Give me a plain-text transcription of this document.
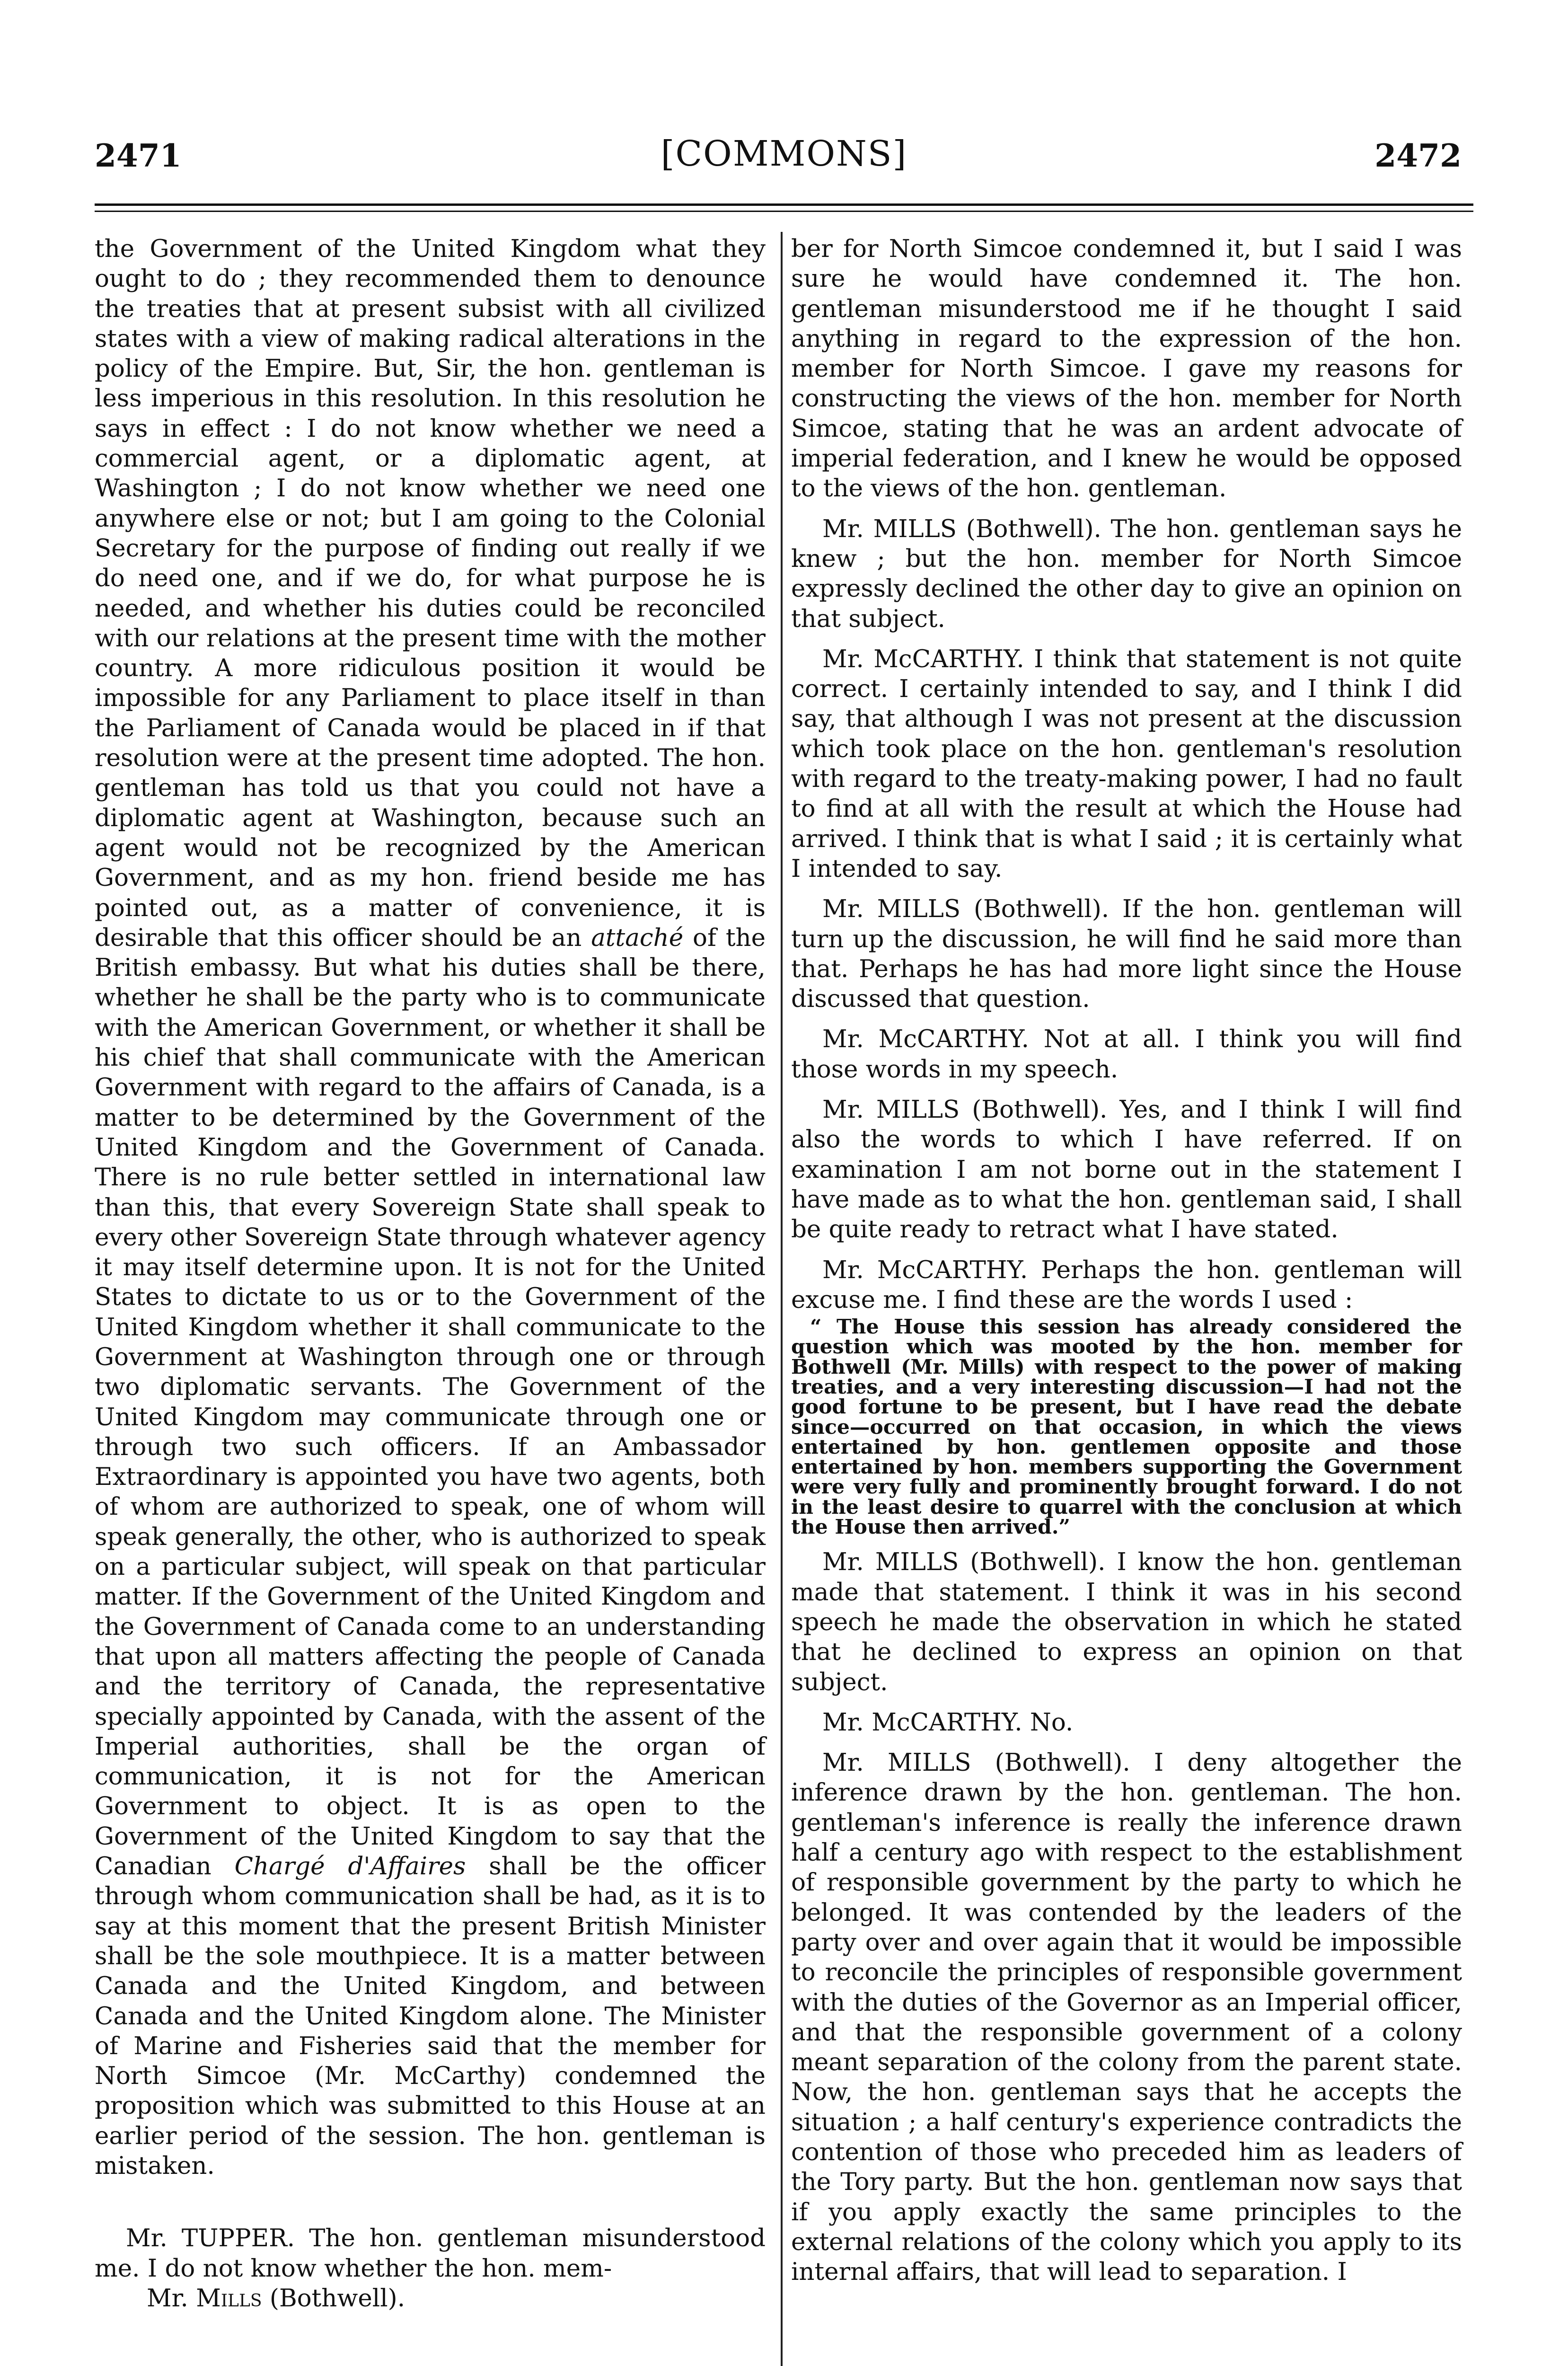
2471	[COMMONS]	2472

the Government of the United Kingdom what they ought to do ; they recommended them to denounce the treaties that at present subsist with all civilized states with a view of making radical alterations in the policy of the Empire. But, Sir, the hon. gentleman is less imperious in this resolution. In this resolution he says in effect : I do not know whether we need a commercial agent, or a diplomatic agent, at Washington ; I do not know whether we need one anywhere else or not; but I am going to the Colonial Secretary for the purpose of finding out really if we do need one, and if we do, for what purpose he is needed, and whether his duties could be reconciled with our relations at the present time with the mother country. A more ridiculous position it would be impossible for any Parliament to place itself in than the Parliament of Canada would be placed in if that resolution were at the present time adopted. The hon. gentleman has told us that you could not have a diplomatic agent at Washington, because such an agent would not be recognized by the American Government, and as my hon. friend beside me has pointed out, as a matter of convenience, it is desirable that this officer should be an attaché of the British embassy. But what his duties shall be there, whether he shall be the party who is to communicate with the American Government, or whether it shall be his chief that shall communicate with the American Government with regard to the affairs of Canada, is a matter to be determined by the Government of the United Kingdom and the Government of Canada. There is no rule better settled in international law than this, that every Sovereign State shall speak to every other Sovereign State through whatever agency it may itself determine upon. It is not for the United States to dictate to us or to the Government of the United Kingdom whether it shall communicate to the Government at Washington through one or through two diplomatic servants. The Government of the United Kingdom may communicate through one or through two such officers. If an Ambassador Extraordinary is appointed you have two agents, both of whom are authorized to speak, one of whom will speak generally, the other, who is authorized to speak on a particular subject, will speak on that particular matter. If the Government of the United Kingdom and the Government of Canada come to an understanding that upon all matters affecting the people of Canada and the territory of Canada, the representative specially appointed by Canada, with the assent of the Imperial authorities, shall be the organ of communication, it is not for the American Government to object. It is as open to the Government of the United Kingdom to say that the Canadian Chargé d'Affaires shall be the officer through whom communication shall be had, as it is to say at this moment that the present British Minister shall be the sole mouthpiece. It is a matter between Canada and the United Kingdom, and between Canada and the United Kingdom alone. The Minister of Marine and Fisheries said that the member for North Simcoe (Mr. McCarthy) condemned the proposition which was submitted to this House at an earlier period of the session. The hon. gentleman is mistaken.

Mr. TUPPER. The hon. gentleman misunderstood me. I do not know whether the hon. mem-

Mr. Mills (Bothwell).

ber for North Simcoe condemned it, but I said I was sure he would have condemned it. The hon. gentleman misunderstood me if he thought I said anything in regard to the expression of the hon. member for North Simcoe. I gave my reasons for constructing the views of the hon. member for North Simcoe, stating that he was an ardent advocate of imperial federation, and I knew he would be opposed to the views of the hon. gentleman.

Mr. MILLS (Bothwell). The hon. gentleman says he knew ; but the hon. member for North Simcoe expressly declined the other day to give an opinion on that subject.

Mr. McCARTHY. I think that statement is not quite correct. I certainly intended to say, and I think I did say, that although I was not present at the discussion which took place on the hon. gentleman's resolution with regard to the treaty-making power, I had no fault to find at all with the result at which the House had arrived. I think that is what I said ; it is certainly what I intended to say.

Mr. MILLS (Bothwell). If the hon. gentleman will turn up the discussion, he will find he said more than that. Perhaps he has had more light since the House discussed that question.

Mr. McCARTHY. Not at all. I think you will find those words in my speech.

Mr. MILLS (Bothwell). Yes, and I think I will find also the words to which I have referred. If on examination I am not borne out in the statement I have made as to what the hon. gentleman said, I shall be quite ready to retract what I have stated.

Mr. McCARTHY. Perhaps the hon. gentleman will excuse me. I find these are the words I used :

“ The House this session has already considered the question which was mooted by the hon. member for Bothwell (Mr. Mills) with respect to the power of making treaties, and a very interesting discussion—I had not the good fortune to be present, but I have read the debate since—occurred on that occasion, in which the views entertained by hon. gentlemen opposite and those entertained by hon. members supporting the Government were very fully and prominently brought forward. I do not in the least desire to quarrel with the conclusion at which the House then arrived.”

Mr. MILLS (Bothwell). I know the hon. gentleman made that statement. I think it was in his second speech he made the observation in which he stated that he declined to express an opinion on that subject.

Mr. McCARTHY. No.

Mr. MILLS (Bothwell). I deny altogether the inference drawn by the hon. gentleman. The hon. gentleman's inference is really the inference drawn half a century ago with respect to the establishment of responsible government by the party to which he belonged. It was contended by the leaders of the party over and over again that it would be impossible to reconcile the principles of responsible government with the duties of the Governor as an Imperial officer, and that the responsible government of a colony meant separation of the colony from the parent state. Now, the hon. gentleman says that he accepts the situation ; a half century's experience contradicts the contention of those who preceded him as leaders of the Tory party. But the hon. gentleman now says that if you apply exactly the same principles to the external relations of the colony which you apply to its internal affairs, that will lead to separation. I
